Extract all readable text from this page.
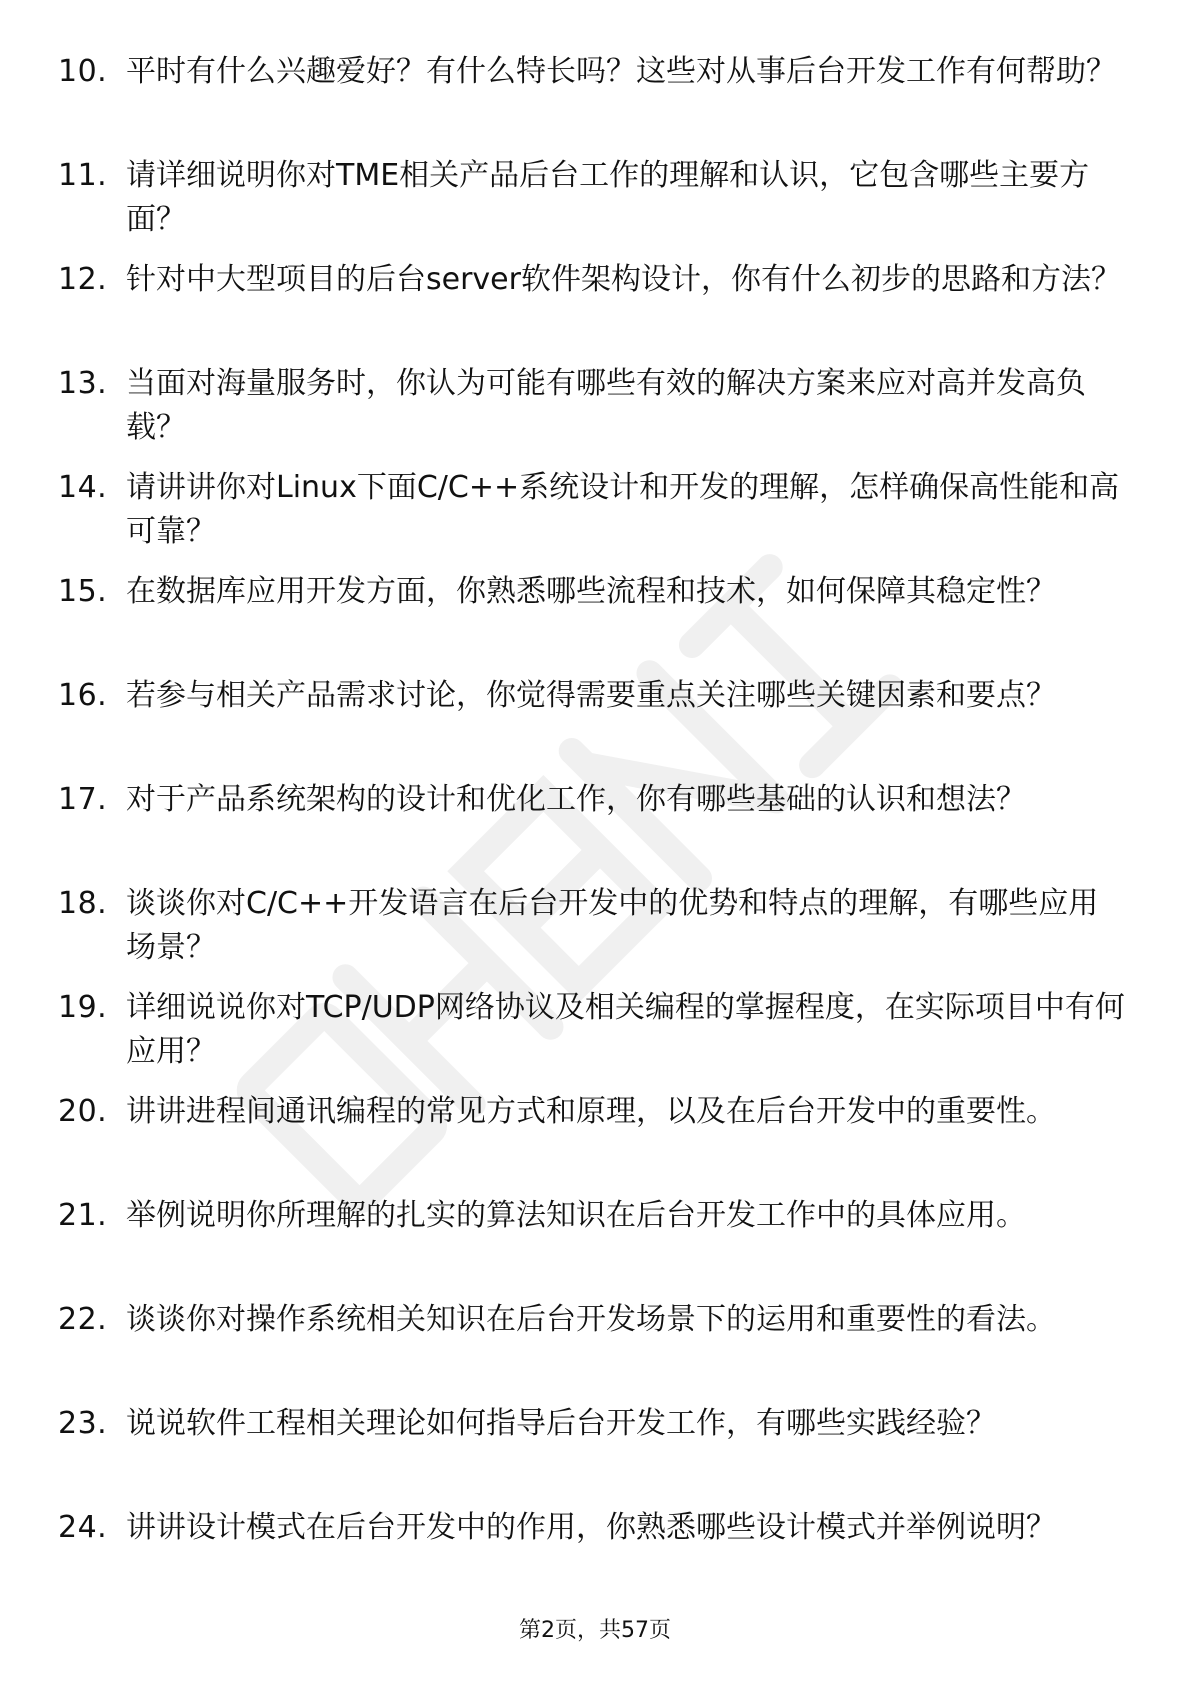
10. 平时有什么兴趣爱好？有什么特长吗？这些对从事后台开发工作有何帮助？
11. 请详细说明你对TME相关产品后台工作的理解和认识，它包含哪些主要方面？
12. 针对中大型项目的后台server软件架构设计，你有什么初步的思路和方法？
13. 当面对海量服务时，你认为可能有哪些有效的解决方案来应对高并发高负载？
14. 请讲讲你对Linux下面C/C++系统设计和开发的理解，怎样确保高性能和高可靠？
15. 在数据库应用开发方面，你熟悉哪些流程和技术，如何保障其稳定性？
16. 若参与相关产品需求讨论，你觉得需要重点关注哪些关键因素和要点？
17. 对于产品系统架构的设计和优化工作，你有哪些基础的认识和想法？
18. 谈谈你对C/C++开发语言在后台开发中的优势和特点的理解，有哪些应用场景？
19. 详细说说你对TCP/UDP网络协议及相关编程的掌握程度，在实际项目中有何应用？
20. 讲讲进程间通讯编程的常见方式和原理，以及在后台开发中的重要性。
21. 举例说明你所理解的扎实的算法知识在后台开发工作中的具体应用。
22. 谈谈你对操作系统相关知识在后台开发场景下的运用和重要性的看法。
23. 说说软件工程相关理论如何指导后台开发工作，有哪些实践经验？
24. 讲讲设计模式在后台开发中的作用，你熟悉哪些设计模式并举例说明？
第2页，共57页
